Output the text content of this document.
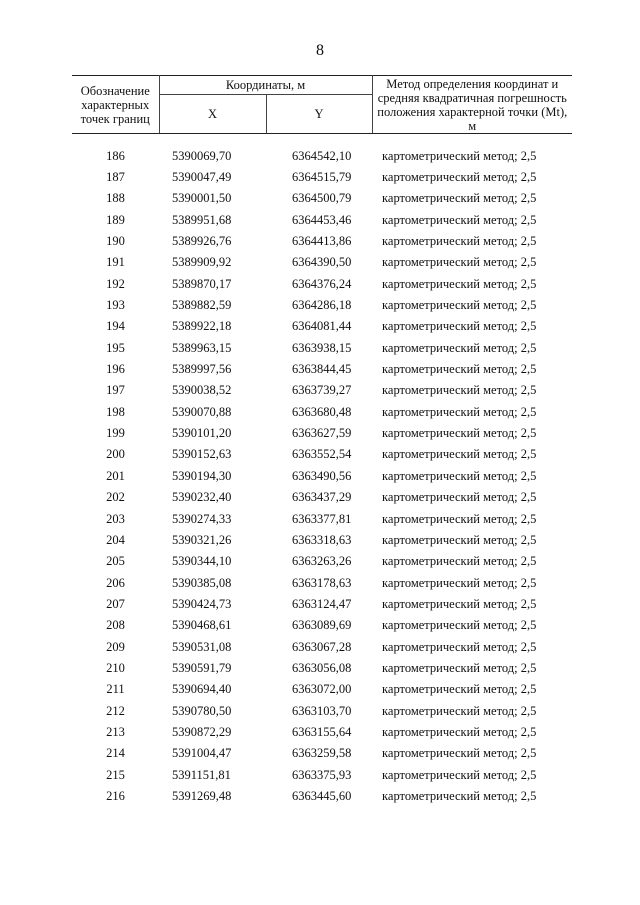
8
Обозначение характерных точек границ	Координаты, м		Метод определения координат и средняя квадратичная погрешность положения характерной точки (Mt), м
	X	Y	

186	5390069,70	6364542,10	картометрический метод; 2,5
187	5390047,49	6364515,79	картометрический метод; 2,5
188	5390001,50	6364500,79	картометрический метод; 2,5
189	5389951,68	6364453,46	картометрический метод; 2,5
190	5389926,76	6364413,86	картометрический метод; 2,5
191	5389909,92	6364390,50	картометрический метод; 2,5
192	5389870,17	6364376,24	картометрический метод; 2,5
193	5389882,59	6364286,18	картометрический метод; 2,5
194	5389922,18	6364081,44	картометрический метод; 2,5
195	5389963,15	6363938,15	картометрический метод; 2,5
196	5389997,56	6363844,45	картометрический метод; 2,5
197	5390038,52	6363739,27	картометрический метод; 2,5
198	5390070,88	6363680,48	картометрический метод; 2,5
199	5390101,20	6363627,59	картометрический метод; 2,5
200	5390152,63	6363552,54	картометрический метод; 2,5
201	5390194,30	6363490,56	картометрический метод; 2,5
202	5390232,40	6363437,29	картометрический метод; 2,5
203	5390274,33	6363377,81	картометрический метод; 2,5
204	5390321,26	6363318,63	картометрический метод; 2,5
205	5390344,10	6363263,26	картометрический метод; 2,5
206	5390385,08	6363178,63	картометрический метод; 2,5
207	5390424,73	6363124,47	картометрический метод; 2,5
208	5390468,61	6363089,69	картометрический метод; 2,5
209	5390531,08	6363067,28	картометрический метод; 2,5
210	5390591,79	6363056,08	картометрический метод; 2,5
211	5390694,40	6363072,00	картометрический метод; 2,5
212	5390780,50	6363103,70	картометрический метод; 2,5
213	5390872,29	6363155,64	картометрический метод; 2,5
214	5391004,47	6363259,58	картометрический метод; 2,5
215	5391151,81	6363375,93	картометрический метод; 2,5
216	5391269,48	6363445,60	картометрический метод; 2,5
